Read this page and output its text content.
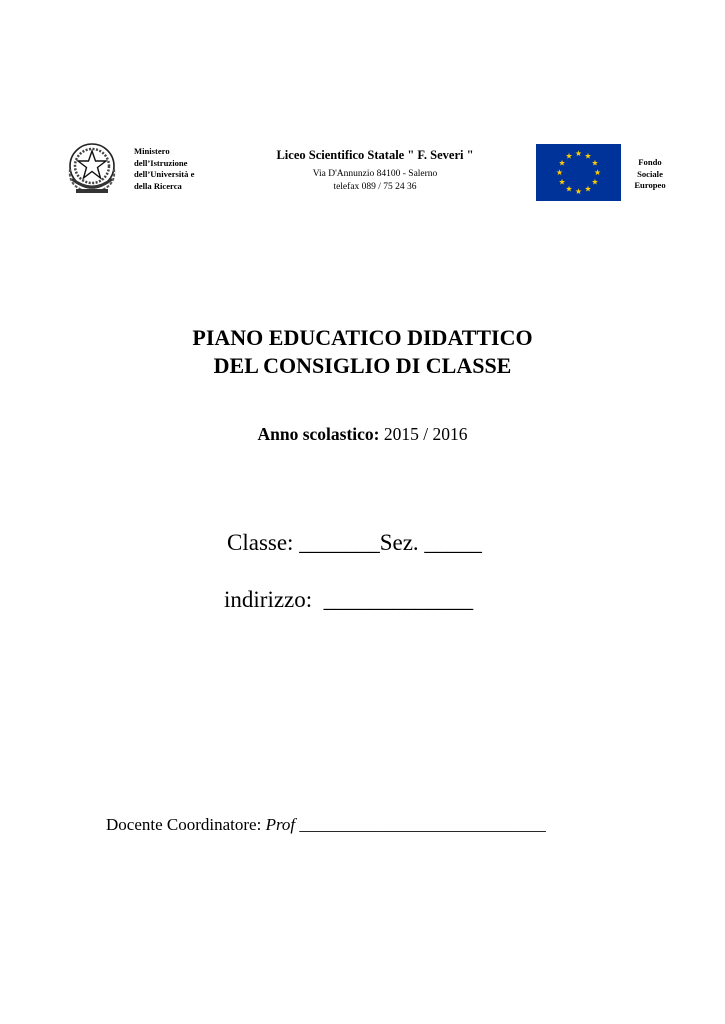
Ministero
dell’Istruzione
dell’Università e
della Ricerca
Liceo Scientifico Statale " F. Severi "
Via D'Annunzio 84100 - Salerno
telefax 089 / 75 24 36
Fondo
Sociale
Europeo
PIANO EDUCATICO DIDATTICO
DEL CONSIGLIO DI CLASSE
Anno scolastico: 2015 / 2016
Classe: _______Sez. _____
indirizzo: _____________
Docente Coordinatore: Prof _____________________________
